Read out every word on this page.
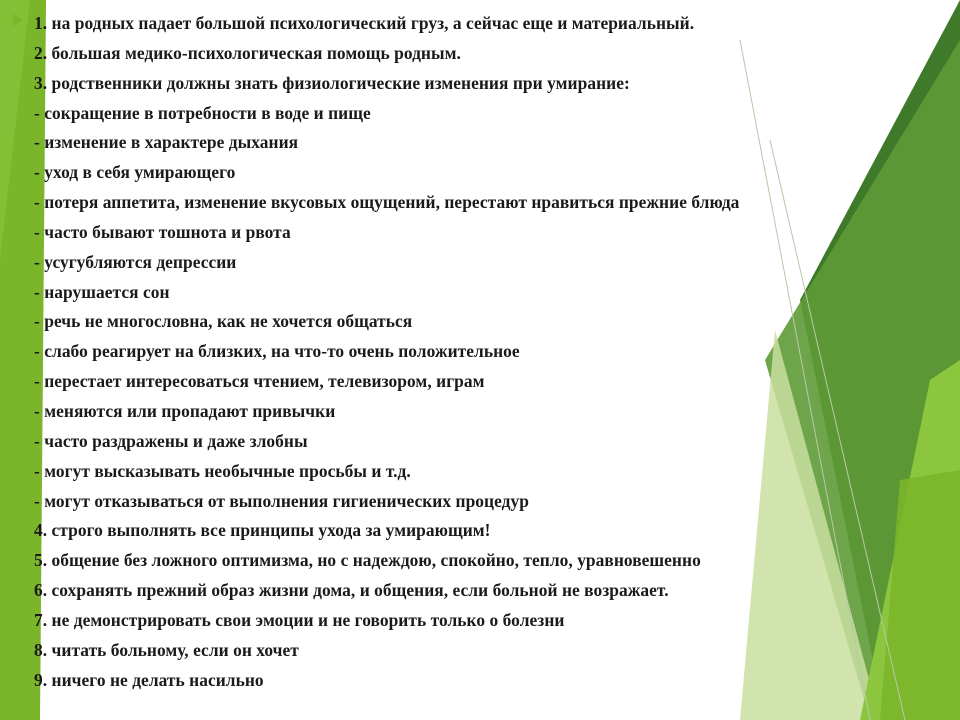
1. на родных падает большой психологический груз, а сейчас еще и материальный.

2. большая медико-психологическая помощь родным.

3. родственники должны знать физиологические изменения при умирание:

- сокращение в потребности в воде и пище

- изменение в характере дыхания

- уход в себя умирающего

- потеря аппетита, изменение вкусовых ощущений, перестают нравиться прежние блюда

- часто бывают тошнота и рвота

- усугубляются депрессии

- нарушается сон

- речь не многословна, как не хочется общаться

- слабо реагирует на близких, на что-то очень положительное

- перестает интересоваться чтением, телевизором, играм

- меняются или пропадают привычки

- часто раздражены и даже злобны

- могут высказывать необычные просьбы и т.д.

- могут отказываться от выполнения гигиенических процедур

4. строго выполнять все принципы ухода за умирающим!

5. общение без ложного оптимизма, но с надеждою, спокойно, тепло, уравновешенно

6. сохранять прежний образ жизни дома, и общения, если больной не возражает.

7. не демонстрировать свои эмоции и не говорить только о болезни

8. читать больному, если он хочет

9. ничего не делать насильно
